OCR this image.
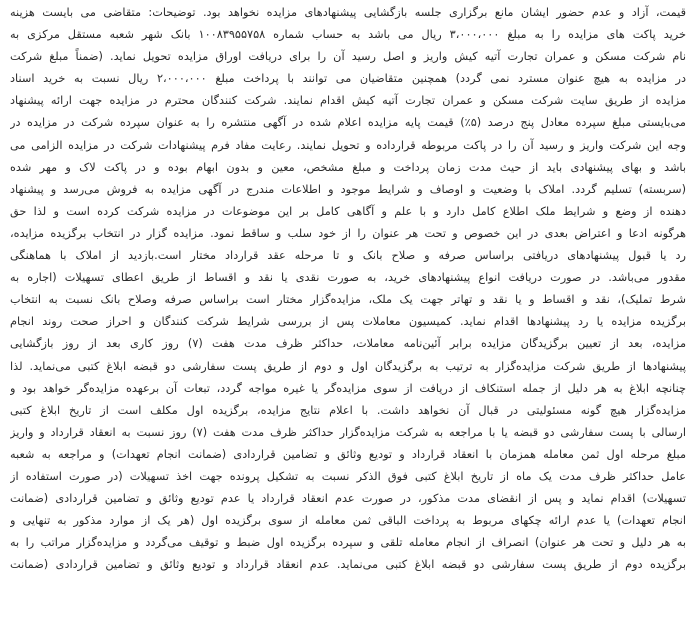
قیمت، آزاد و عدم حضور ایشان مانع برگزاری جلسه بازگشایی پیشنهادهای مزایده نخواهد بود. توضیحات: متقاضی می بایست هزینه
خرید پاکت های مزایده را به مبلغ ۳،۰۰۰،۰۰۰ ریال می باشد به حساب شماره ۱۰۰۸۳۹۵۵۷۵۸ بانک شهر شعبه مستقل مرکزی به
نام شرکت مسکن و عمران تجارت آتیه کیش واریز و اصل رسید آن را برای دریافت اوراق مزایده تحویل نماید. (ضمناً مبلغ شرکت
در مزایده به هیچ عنوان مسترد نمی گردد) همچنین متقاضیان می توانند با پرداخت مبلغ ۲،۰۰۰،۰۰۰ ریال نسبت به خرید اسناد
مزایده از طریق سایت شرکت مسکن و عمران تجارت آتیه کیش اقدام نمایند. شرکت کنندگان محترم در مزایده جهت ارائه پیشنهاد
می‌بایستی مبلغ سپرده معادل پنج درصد (۵٪) قیمت پایه مزایده اعلام شده در آگهی منتشره را به عنوان سپرده شرکت در مزایده در
وجه این شرکت واریز و رسید آن را در پاکت مربوطه قرارداده و تحویل نمایند. رعایت مفاد فرم پیشنهادات شرکت در مزایده الزامی می
باشد و بهای پیشنهادی باید از حیث مدت زمان پرداخت و مبلغ مشخص، معین و بدون ابهام بوده و در پاکت لاک و مهر شده
(سربسته) تسلیم گردد. املاک با وضعیت و اوصاف و شرایط موجود و اطلاعات مندرج در آگهی مزایده به فروش می‌رسد و پیشنهاد
دهنده از وضع و شرایط ملک اطلاع کامل دارد و با علم و آگاهی کامل بر این موضوعات در مزایده شرکت کرده است و لذا حق
هرگونه ادعا و اعتراض بعدی در این خصوص و تحت هر عنوان را از خود سلب و ساقط نمود. مزایده گزار در انتخاب برگزیده مزایده،
رد یا قبول پیشنهادهای دریافتی براساس صرفه و صلاح بانک و تا مرحله عقد قرارداد مختار است.بازدید از املاک با هماهنگی
مقدور می‌باشد. در صورت دریافت انواع پیشنهادهای خرید، به صورت نقدی یا نقد و اقساط از طریق اعطای تسهیلات (اجاره به
شرط تملیک)، نقد و اقساط و یا نقد و تهاتر جهت یک ملک، مزایده‌گزار مختار است براساس صرفه وصلاح بانک نسبت به انتخاب
برگزیده مزایده یا رد پیشنهادها اقدام نماید. کمیسیون معاملات پس از بررسی شرایط شرکت کنندگان و احراز صحت روند انجام
مزایده، بعد از تعیین برگزیدگان مزایده برابر آئین‌نامه معاملات، حداکثر ظرف مدت هفت (۷) روز کاری بعد از روز بازگشایی
پیشنهادها از طریق شرکت مزایده‌گزار به ترتیب به برگزیدگان اول و دوم از طریق پست سفارشی دو قبضه ابلاغ کتبی می‌نماید. لذا
چنانچه ابلاغ به هر دلیل از جمله استنکاف از دریافت از سوی مزایده‌گر یا غیره مواجه گردد، تبعات آن برعهده مزایده‌گر خواهد بود و
مزایده‌گزار هیچ گونه مسئولیتی در قبال آن نخواهد داشت. با اعلام نتایج مزایده، برگزیده اول مکلف است از تاریخ ابلاغ کتبی
ارسالی با پست سفارشی دو قبضه یا با مراجعه به شرکت مزایده‌گزار حداکثر ظرف مدت هفت (۷) روز نسبت به انعقاد قرارداد و واریز
مبلغ مرحله اول ثمن معامله همزمان با انعقاد قرارداد و تودیع وثائق و تضامین قراردادی (ضمانت انجام تعهدات) و مراجعه به شعبه
عامل حداکثر ظرف مدت یک ماه از تاریخ ابلاغ کتبی فوق الذکر نسبت به تشکیل پرونده جهت اخذ تسهیلات (در صورت استفاده از
تسهیلات) اقدام نماید و پس از انقضای مدت مذکور، در صورت عدم انعقاد قرارداد یا عدم تودیع وثائق و تضامین قراردادی (ضمانت
انجام تعهدات) یا عدم ارائه چکهای مربوط به پرداخت الباقی ثمن معامله از سوی برگزیده اول (هر یک از موارد مذکور به تنهایی و
به هر دلیل و تحت هر عنوان) انصراف از انجام معامله تلقی و سپرده برگزیده اول ضبط و توقیف می‌گردد و مزایده‌گزار مراتب را به
برگزیده دوم از طریق پست سفارشی دو قبضه ابلاغ کتبی می‌نماید. عدم انعقاد قرارداد و تودیع وثائق و تضامین قراردادی (ضمانت
